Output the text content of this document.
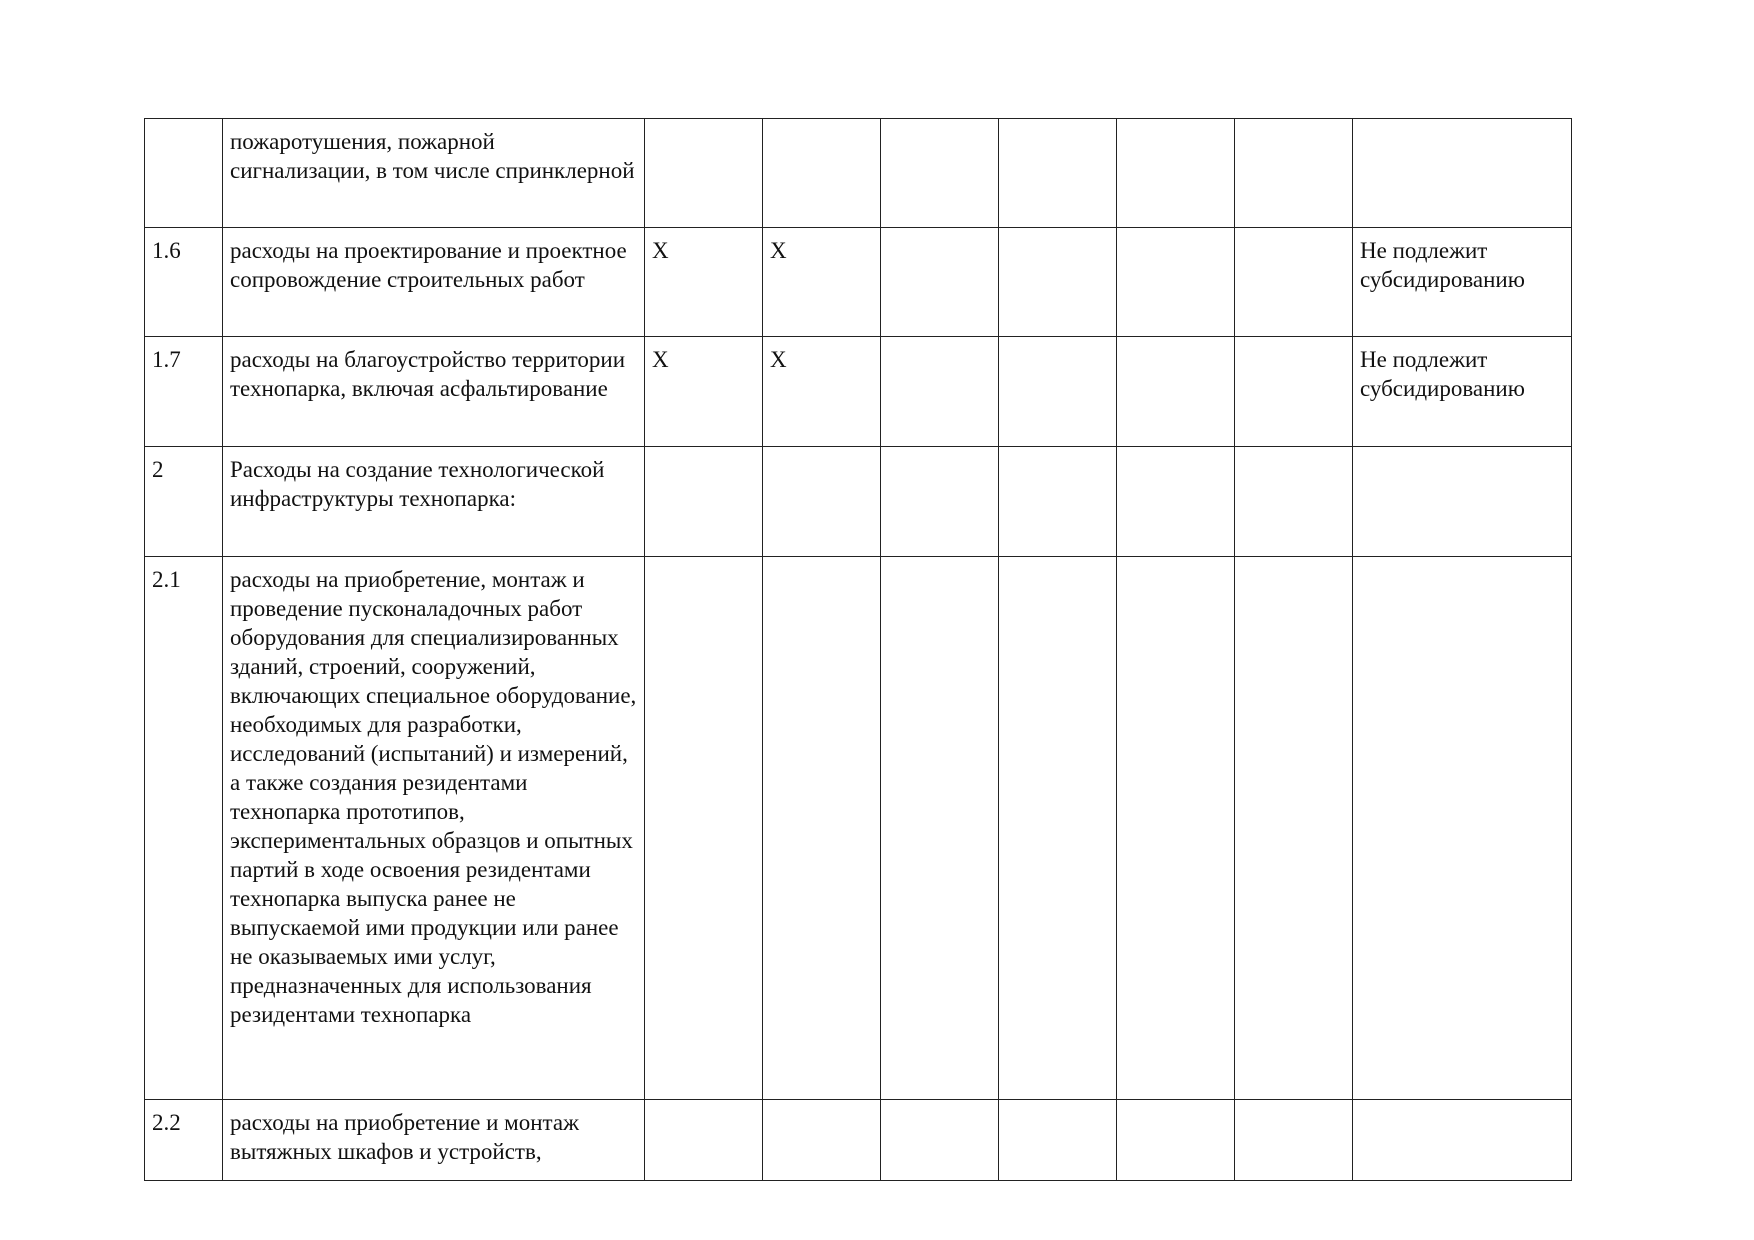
	пожаротушения, пожарной сигнализации, в том числе спринклерной							
1.6	расходы на проектирование и проектное сопровождение строительных работ	X	X					Не подлежит субсидированию
1.7	расходы на благоустройство территории технопарка, включая асфальтирование	X	X					Не подлежит субсидированию
2	Расходы на создание технологической инфраструктуры технопарка:							
2.1	расходы на приобретение, монтаж и проведение пусконаладочных работ оборудования для специализированных зданий, строений, сооружений, включающих специальное оборудование, необходимых для разработки, исследований (испытаний) и измерений, а также создания резидентами технопарка прототипов, экспериментальных образцов и опытных партий в ходе освоения резидентами технопарка выпуска ранее не выпускаемой ими продукции или ранее не оказываемых ими услуг, предназначенных для использования резидентами технопарка							
2.2	расходы на приобретение и монтаж вытяжных шкафов и устройств,							
